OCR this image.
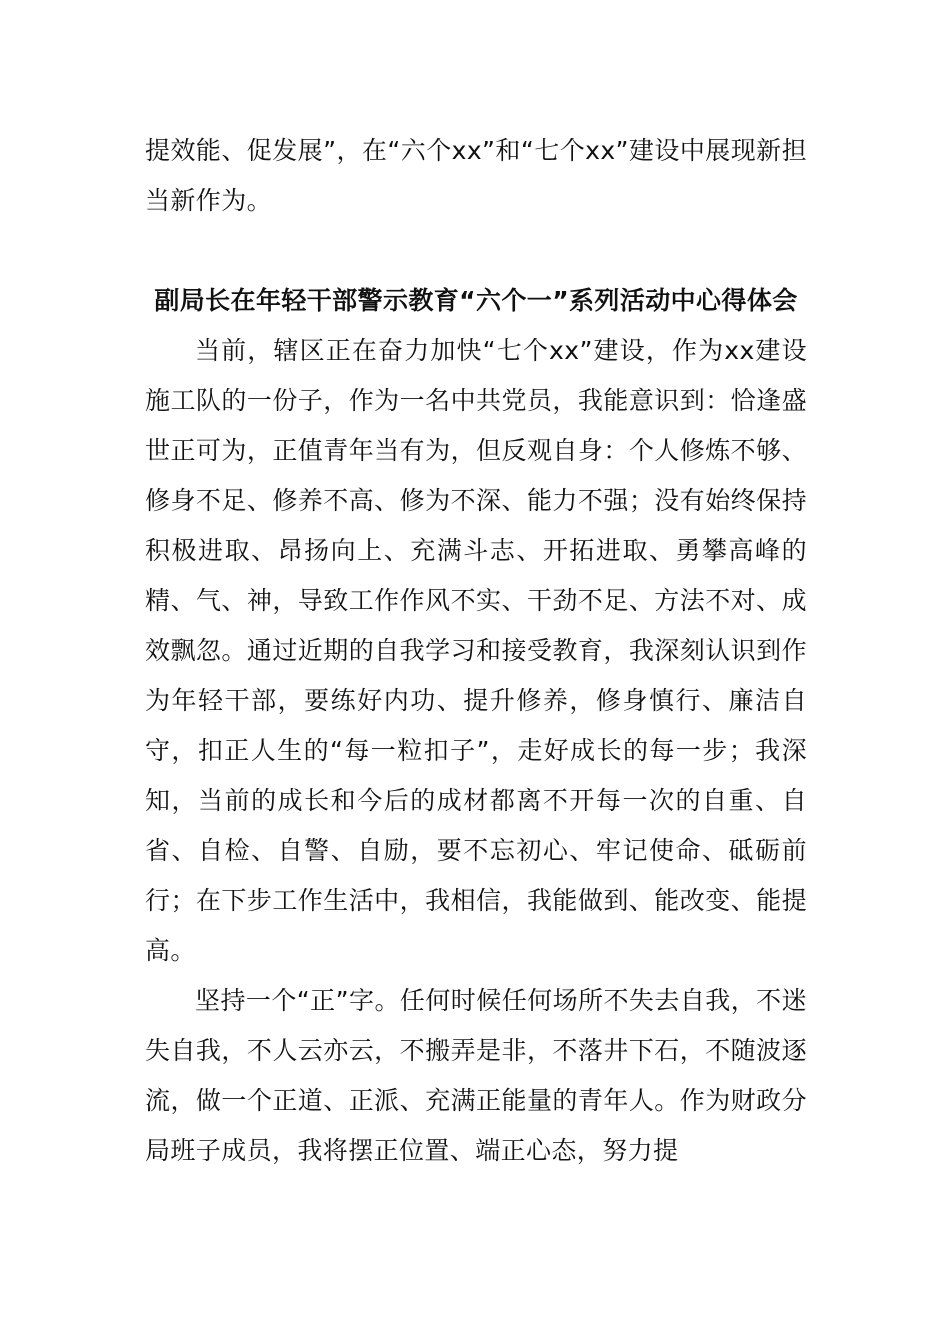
提效能、促发展”，在“六个xx”和“七个xx”建设中展现新担当新作为。

副局长在年轻干部警示教育“六个一”系列活动中心得体会

当前，辖区正在奋力加快“七个xx”建设，作为xx建设施工队的一份子，作为一名中共党员，我能意识到：恰逢盛世正可为，正值青年当有为，但反观自身：个人修炼不够、修身不足、修养不高、修为不深、能力不强；没有始终保持积极进取、昂扬向上、充满斗志、开拓进取、勇攀高峰的精、气、神，导致工作作风不实、干劲不足、方法不对、成效飘忽。通过近期的自我学习和接受教育，我深刻认识到作为年轻干部，要练好内功、提升修养，修身慎行、廉洁自守，扣正人生的“每一粒扣子”，走好成长的每一步；我深知，当前的成长和今后的成材都离不开每一次的自重、自省、自检、自警、自励，要不忘初心、牢记使命、砥砺前行；在下步工作生活中，我相信，我能做到、能改变、能提高。

坚持一个“正”字。任何时候任何场所不失去自我，不迷失自我，不人云亦云，不搬弄是非，不落井下石，不随波逐流，做一个正道、正派、充满正能量的青年人。作为财政分局班子成员，我将摆正位置、端正心态，努力提
